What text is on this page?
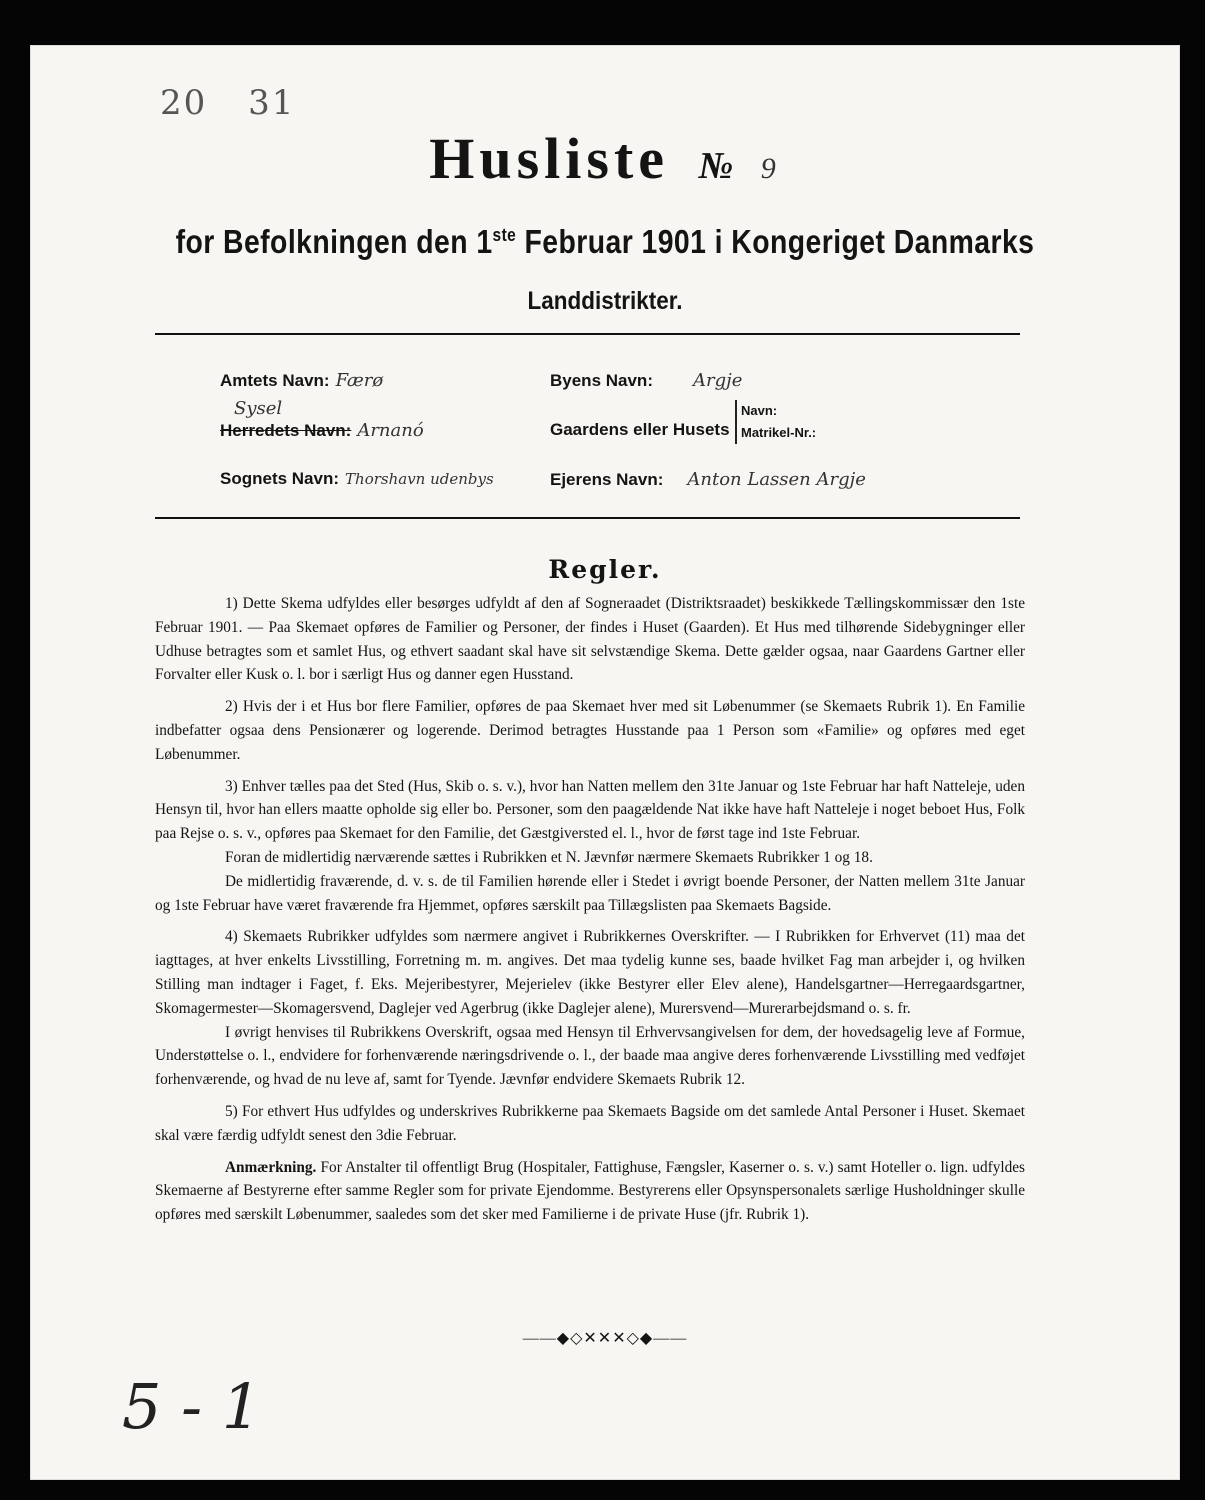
20 31
Husliste № 9
for Befolkningen den 1ste Februar 1901 i Kongeriget Danmarks
Landdistrikter.
Amtets Navn: Færø
Sysel
Herredets Navn: Arnanó
Sognets Navn: Thorshavn udenbys
Byens Navn: Argje
Gaardens eller Husets
Navn:
Matrikel-Nr.:
Ejerens Navn: Anton Lassen Argje
Regler.

1) Dette Skema udfyldes eller besørges udfyldt af den af Sogneraadet (Distriktsraadet) beskikkede Tællingskommissær den 1ste Februar 1901. — Paa Skemaet opføres de Familier og Personer, der findes i Huset (Gaarden). Et Hus med tilhørende Sidebygninger eller Udhuse betragtes som et samlet Hus, og ethvert saadant skal have sit selvstændige Skema. Dette gælder ogsaa, naar Gaardens Gartner eller Forvalter eller Kusk o. l. bor i særligt Hus og danner egen Husstand.

2) Hvis der i et Hus bor flere Familier, opføres de paa Skemaet hver med sit Løbenummer (se Skemaets Rubrik 1). En Familie indbefatter ogsaa dens Pensionærer og logerende. Derimod betragtes Husstande paa 1 Person som «Familie» og opføres med eget Løbenummer.

3) Enhver tælles paa det Sted (Hus, Skib o. s. v.), hvor han Natten mellem den 31te Januar og 1ste Februar har haft Natteleje, uden Hensyn til, hvor han ellers maatte opholde sig eller bo. Personer, som den paagældende Nat ikke have haft Natteleje i noget beboet Hus, Folk paa Rejse o. s. v., opføres paa Skemaet for den Familie, det Gæstgiversted el. l., hvor de først tage ind 1ste Februar.

Foran de midlertidig nærværende sættes i Rubrikken et N. Jævnfør nærmere Skemaets Rubrikker 1 og 18.

De midlertidig fraværende, d. v. s. de til Familien hørende eller i Stedet i øvrigt boende Personer, der Natten mellem 31te Januar og 1ste Februar have været fraværende fra Hjemmet, opføres særskilt paa Tillægslisten paa Skemaets Bagside.

4) Skemaets Rubrikker udfyldes som nærmere angivet i Rubrikkernes Overskrifter. — I Rubrikken for Erhvervet (11) maa det iagttages, at hver enkelts Livsstilling, Forretning m. m. angives. Det maa tydelig kunne ses, baade hvilket Fag man arbejder i, og hvilken Stilling man indtager i Faget, f. Eks. Mejeribestyrer, Mejerielev (ikke Bestyrer eller Elev alene), Handelsgartner—Herregaardsgartner, Skomagermester—Skomagersvend, Daglejer ved Agerbrug (ikke Daglejer alene), Murersvend—Murerarbejdsmand o. s. fr.

I øvrigt henvises til Rubrikkens Overskrift, ogsaa med Hensyn til Erhvervsangivelsen for dem, der hovedsagelig leve af Formue, Understøttelse o. l., endvidere for forhenværende næringsdrivende o. l., der baade maa angive deres forhenværende Livsstilling med vedføjet forhenværende, og hvad de nu leve af, samt for Tyende. Jævnfør endvidere Skemaets Rubrik 12.

5) For ethvert Hus udfyldes og underskrives Rubrikkerne paa Skemaets Bagside om det samlede Antal Personer i Huset. Skemaet skal være færdig udfyldt senest den 3die Februar.

Anmærkning. For Anstalter til offentligt Brug (Hospitaler, Fattighuse, Fængsler, Kaserner o. s. v.) samt Hoteller o. lign. udfyldes Skemaerne af Bestyrerne efter samme Regler som for private Ejendomme. Bestyrerens eller Opsynspersonalets særlige Husholdninger skulle opføres med særskilt Løbenummer, saaledes som det sker med Familierne i de private Huse (jfr. Rubrik 1).

——◆◇✕✕✕◇◆——
5 - 1
